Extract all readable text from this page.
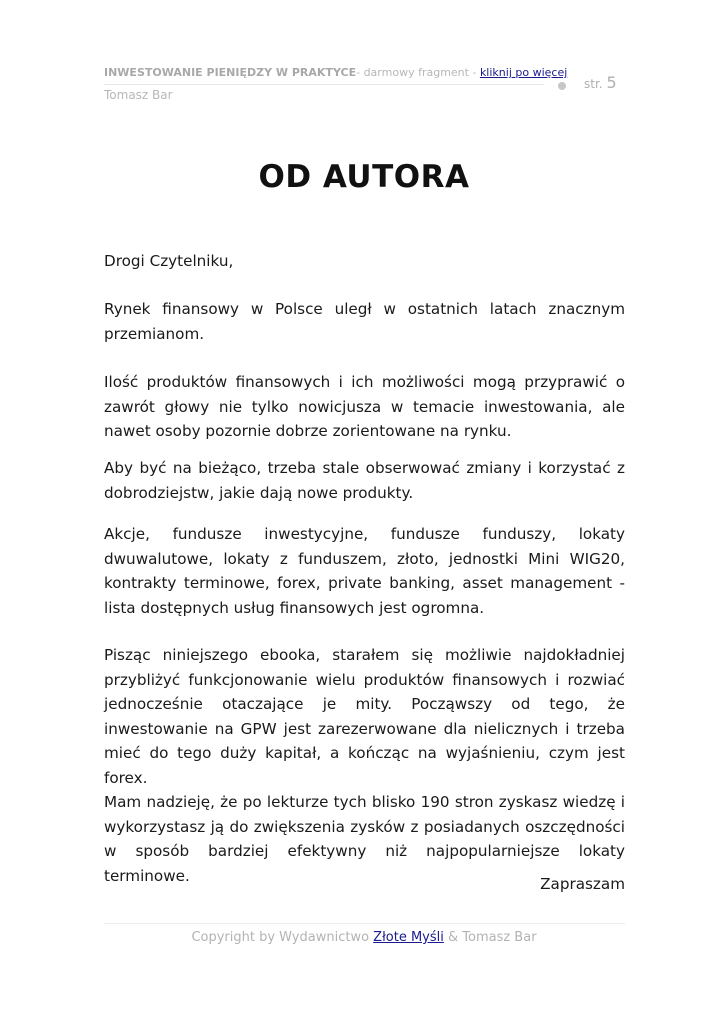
INWESTOWANIE PIENIĘDZY W PRAKTYCE- darmowy fragment - kliknij po więcej
str. 5
Tomasz Bar
OD AUTORA

Drogi Czytelniku,

Rynek finansowy w Polsce uległ w ostatnich latach znacznym przemianom.

Ilość produktów finansowych i ich możliwości mogą przyprawić o zawrót głowy nie tylko nowicjusza w temacie inwestowania, ale nawet osoby pozornie dobrze zorientowane na rynku.

Aby być na bieżąco, trzeba stale obserwować zmiany i korzystać z dobrodziejstw, jakie dają nowe produkty.

Akcje, fundusze inwestycyjne, fundusze funduszy, lokaty dwuwalutowe, lokaty z funduszem, złoto, jednostki Mini WIG20, kontrakty terminowe, forex, private banking, asset management - lista dostępnych usług finansowych jest ogromna.

Pisząc niniejszego ebooka, starałem się możliwie najdokładniej przybliżyć funkcjonowanie wielu produktów finansowych i rozwiać jednocześnie otaczające je mity. Począwszy od tego, że inwestowanie na GPW jest zarezerwowane dla nielicznych i trzeba mieć do tego duży kapitał, a kończąc na wyjaśnieniu, czym jest forex.

Mam nadzieję, że po lekturze tych blisko 190 stron zyskasz wiedzę i wykorzystasz ją do zwiększenia zysków z posiadanych oszczędności w sposób bardziej efektywny niż najpopularniejsze lokaty terminowe.	Zapraszam
Copyright by Wydawnictwo Złote Myśli & Tomasz Bar
